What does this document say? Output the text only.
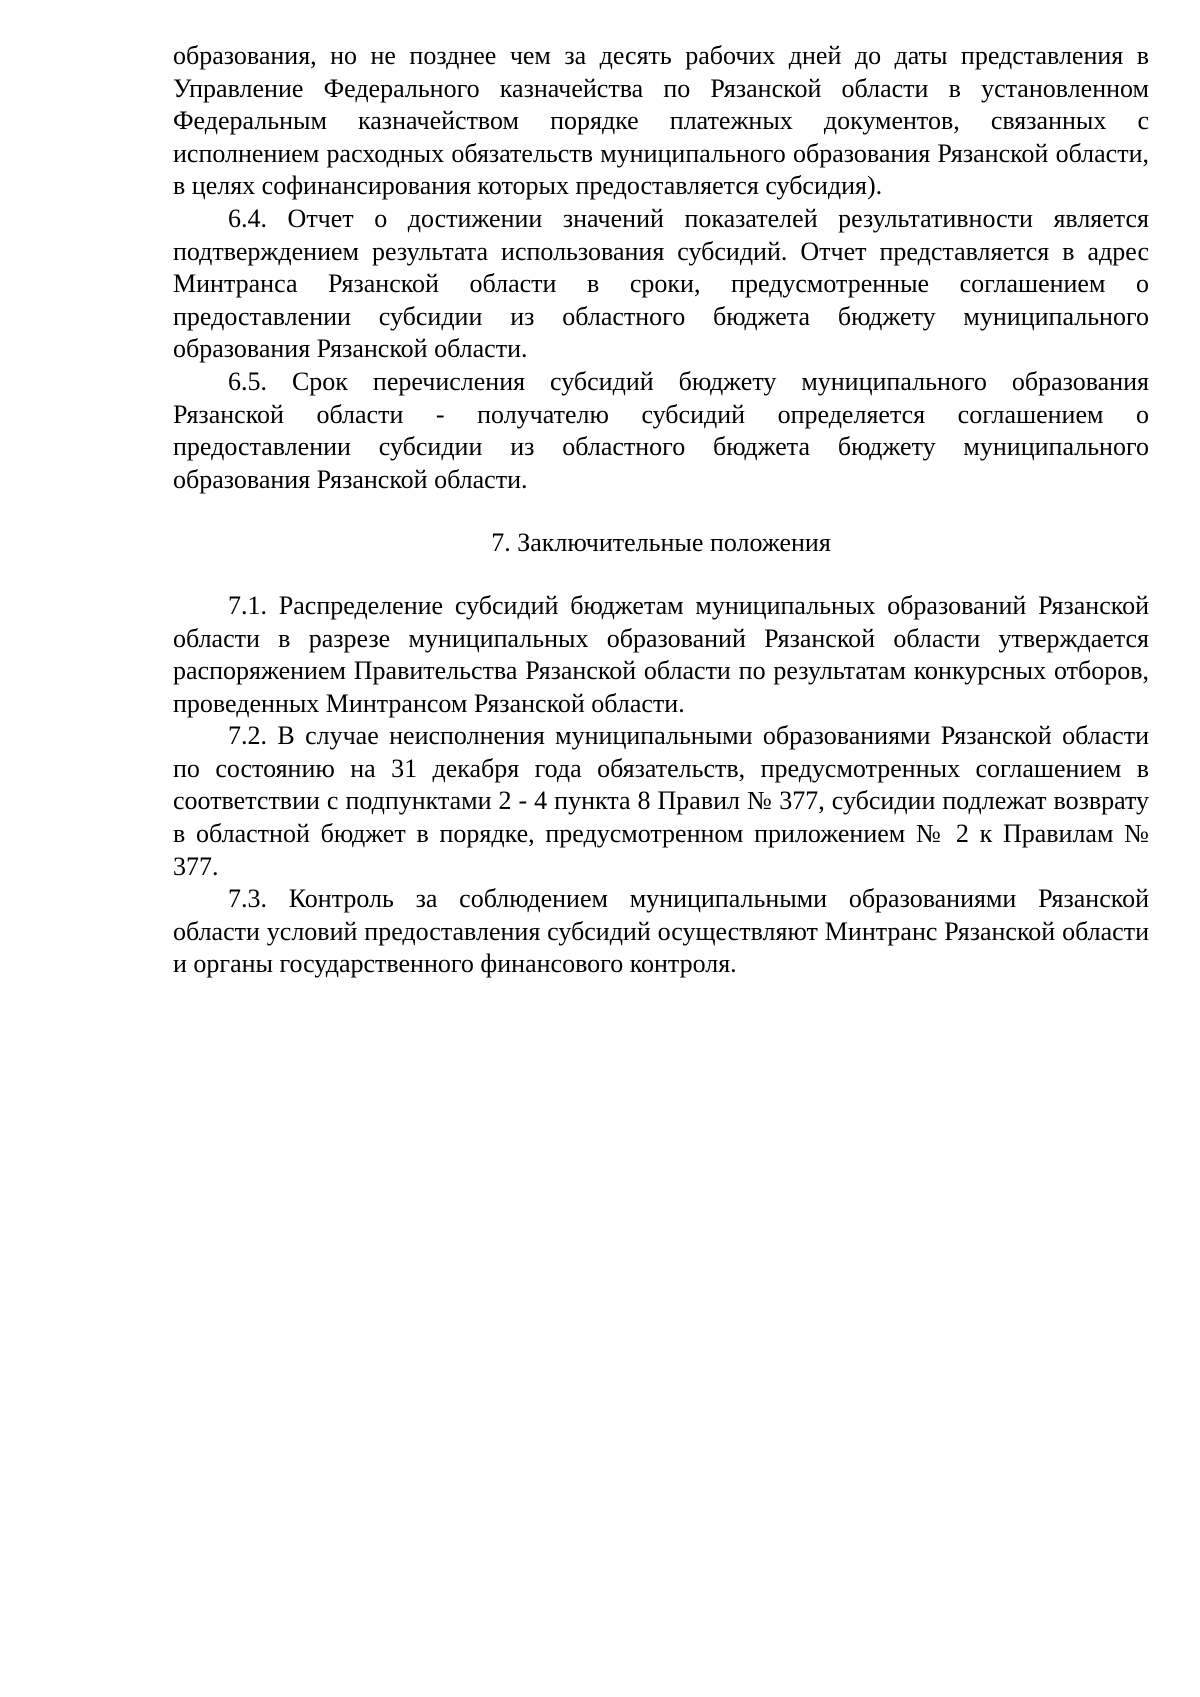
образования, но не позднее чем за десять рабочих дней до даты представления в Управление Федерального казначейства по Рязанской области в установленном Федеральным казначейством порядке платежных документов, связанных с исполнением расходных обязательств муниципального образования Рязанской области, в целях софинансирования которых предоставляется субсидия).

6.4. Отчет о достижении значений показателей результативности является подтверждением результата использования субсидий. Отчет представляется в адрес Минтранса Рязанской области в сроки, предусмотренные соглашением о предоставлении субсидии из областного бюджета бюджету муниципального образования Рязанской области.

6.5. Срок перечисления субсидий бюджету муниципального образования Рязанской области - получателю субсидий определяется соглашением о предоставлении субсидии из областного бюджета бюджету муниципального образования Рязанской области.

7. Заключительные положения

7.1. Распределение субсидий бюджетам муниципальных образований Рязанской области в разрезе муниципальных образований Рязанской области утверждается распоряжением Правительства Рязанской области по результатам конкурсных отборов, проведенных Минтрансом Рязанской области.

7.2. В случае неисполнения муниципальными образованиями Рязанской области по состоянию на 31 декабря года обязательств, предусмотренных соглашением в соответствии с подпунктами 2 - 4 пункта 8 Правил № 377, субсидии подлежат возврату в областной бюджет в порядке, предусмотренном приложением № 2 к Правилам № 377.

7.3. Контроль за соблюдением муниципальными образованиями Рязанской области условий предоставления субсидий осуществляют Минтранс Рязанской области и органы государственного финансового контроля.
